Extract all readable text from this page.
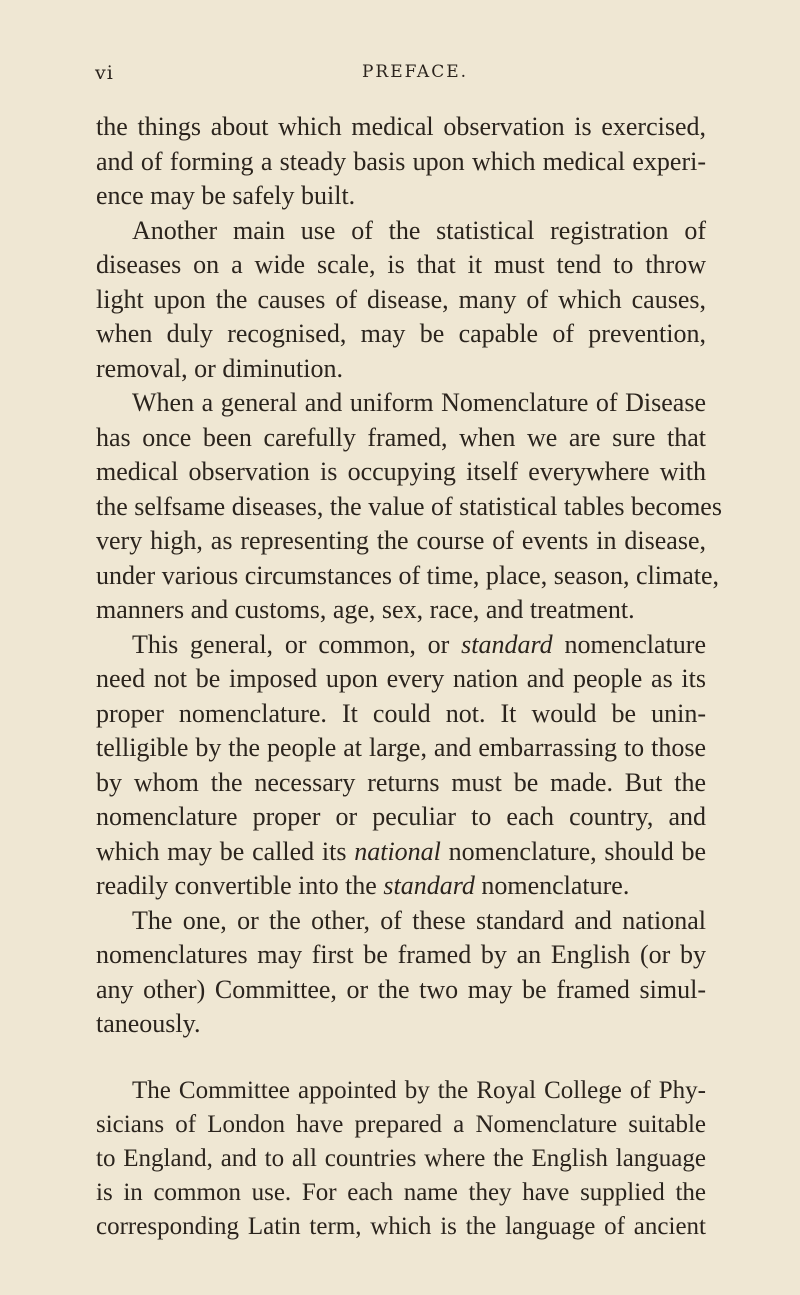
vi	PREFACE.

the things about which medical observation is exercised,
and of forming a steady basis upon which medical experi-
ence may be safely built.

Another main use of the statistical registration of
diseases on a wide scale, is that it must tend to throw
light upon the causes of disease, many of which causes,
when duly recognised, may be capable of prevention,
removal, or diminution.

When a general and uniform Nomenclature of Disease
has once been carefully framed, when we are sure that
medical observation is occupying itself everywhere with
the selfsame diseases, the value of statistical tables becomes
very high, as representing the course of events in disease,
under various circumstances of time, place, season, climate,
manners and customs, age, sex, race, and treatment.

This general, or common, or standard nomenclature
need not be imposed upon every nation and people as its
proper nomenclature. It could not. It would be unin-
telligible by the people at large, and embarrassing to those
by whom the necessary returns must be made. But the
nomenclature proper or peculiar to each country, and
which may be called its national nomenclature, should be
readily convertible into the standard nomenclature.

The one, or the other, of these standard and national
nomenclatures may first be framed by an English (or by
any other) Committee, or the two may be framed simul-
taneously.

The Committee appointed by the Royal College of Phy-
sicians of London have prepared a Nomenclature suitable
to England, and to all countries where the English language
is in common use. For each name they have supplied the
corresponding Latin term, which is the language of ancient
